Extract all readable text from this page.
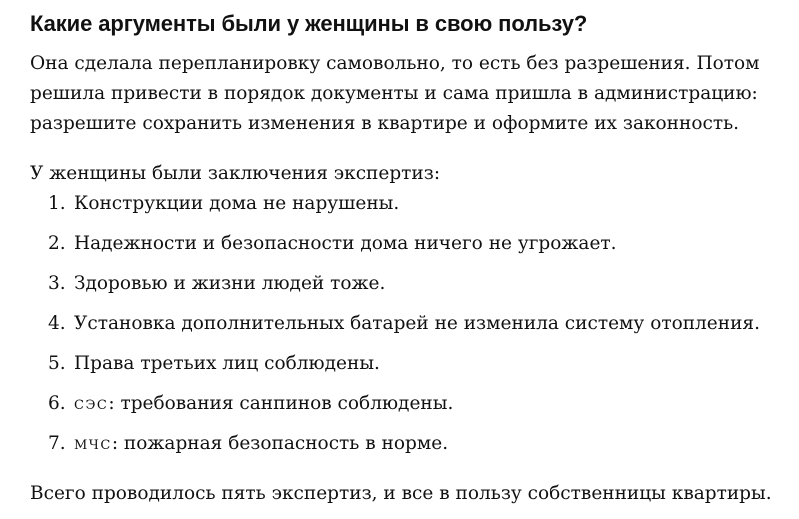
Какие аргументы были у женщины в свою пользу?

Она сделала перепланировку самовольно, то есть без разрешения. Потом
решила привести в порядок документы и сама пришла в администрацию:
разрешите сохранить изменения в квартире и оформите их законность.

У женщины были заключения экспертиз:

1. Конструкции дома не нарушены.
2. Надежности и безопасности дома ничего не угрожает.
3. Здоровью и жизни людей тоже.
4. Установка дополнительных батарей не изменила систему отопления.
5. Права третьих лиц соблюдены.
6. сэс: требования санпинов соблюдены.
7. мчс: пожарная безопасность в норме.

Всего проводилось пять экспертиз, и все в пользу собственницы квартиры.
